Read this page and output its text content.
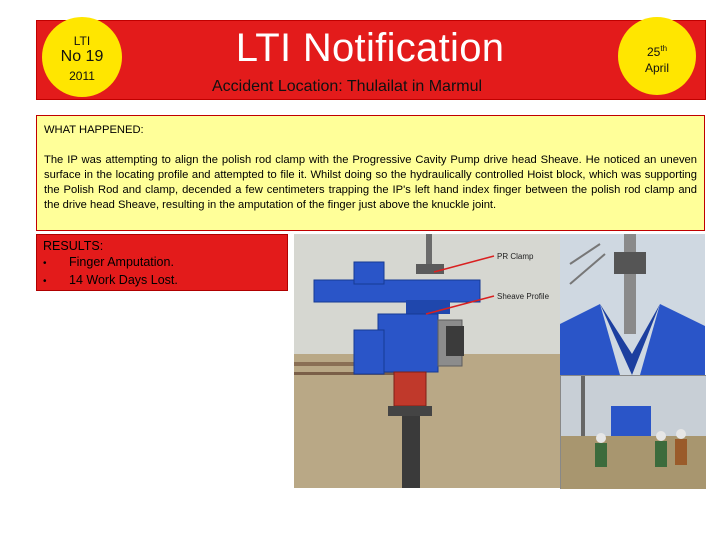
LTI
No 19
2011
LTI Notification
Accident Location: Thulailat in Marmul
25th
April
WHAT HAPPENED:
The IP was attempting to align the polish rod clamp with the Progressive Cavity Pump drive head Sheave. He noticed an uneven surface in the locating profile and attempted to file it. Whilst doing so the hydraulically controlled Hoist block, which was supporting the Polish Rod and clamp, decended a few centimeters trapping the IP's left hand index finger between the polish rod clamp and the drive head Sheave, resulting in the amputation of the finger just above the knuckle joint.
RESULTS:
• Finger Amputation.
• 14 Work Days Lost.
PR Clamp
Sheave Profile
